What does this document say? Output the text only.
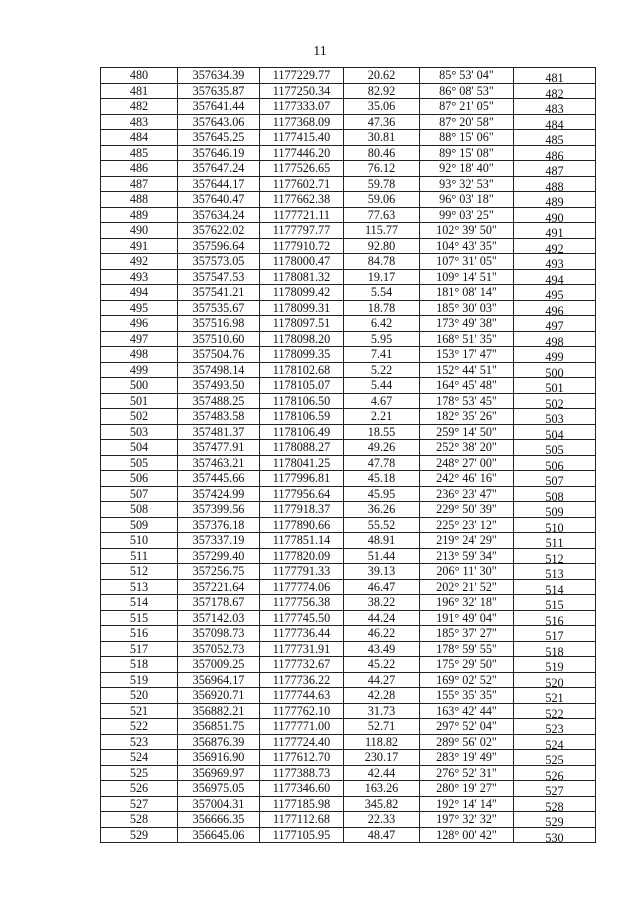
11
480	357634.39	1177229.77	20.62	85° 53' 04"	481
481	357635.87	1177250.34	82.92	86° 08' 53"	482
482	357641.44	1177333.07	35.06	87° 21' 05"	483
483	357643.06	1177368.09	47.36	87° 20' 58"	484
484	357645.25	1177415.40	30.81	88° 15' 06"	485
485	357646.19	1177446.20	80.46	89° 15' 08"	486
486	357647.24	1177526.65	76.12	92° 18' 40"	487
487	357644.17	1177602.71	59.78	93° 32' 53"	488
488	357640.47	1177662.38	59.06	96° 03' 18"	489
489	357634.24	1177721.11	77.63	99° 03' 25"	490
490	357622.02	1177797.77	115.77	102° 39' 50"	491
491	357596.64	1177910.72	92.80	104° 43' 35"	492
492	357573.05	1178000.47	84.78	107° 31' 05"	493
493	357547.53	1178081.32	19.17	109° 14' 51"	494
494	357541.21	1178099.42	5.54	181° 08' 14"	495
495	357535.67	1178099.31	18.78	185° 30' 03"	496
496	357516.98	1178097.51	6.42	173° 49' 38"	497
497	357510.60	1178098.20	5.95	168° 51' 35"	498
498	357504.76	1178099.35	7.41	153° 17' 47"	499
499	357498.14	1178102.68	5.22	152° 44' 51"	500
500	357493.50	1178105.07	5.44	164° 45' 48"	501
501	357488.25	1178106.50	4.67	178° 53' 45"	502
502	357483.58	1178106.59	2.21	182° 35' 26"	503
503	357481.37	1178106.49	18.55	259° 14' 50"	504
504	357477.91	1178088.27	49.26	252° 38' 20"	505
505	357463.21	1178041.25	47.78	248° 27' 00"	506
506	357445.66	1177996.81	45.18	242° 46' 16"	507
507	357424.99	1177956.64	45.95	236° 23' 47"	508
508	357399.56	1177918.37	36.26	229° 50' 39"	509
509	357376.18	1177890.66	55.52	225° 23' 12"	510
510	357337.19	1177851.14	48.91	219° 24' 29"	511
511	357299.40	1177820.09	51.44	213° 59' 34"	512
512	357256.75	1177791.33	39.13	206° 11' 30"	513
513	357221.64	1177774.06	46.47	202° 21' 52"	514
514	357178.67	1177756.38	38.22	196° 32' 18"	515
515	357142.03	1177745.50	44.24	191° 49' 04"	516
516	357098.73	1177736.44	46.22	185° 37' 27"	517
517	357052.73	1177731.91	43.49	178° 59' 55"	518
518	357009.25	1177732.67	45.22	175° 29' 50"	519
519	356964.17	1177736.22	44.27	169° 02' 52"	520
520	356920.71	1177744.63	42.28	155° 35' 35"	521
521	356882.21	1177762.10	31.73	163° 42' 44"	522
522	356851.75	1177771.00	52.71	297° 52' 04"	523
523	356876.39	1177724.40	118.82	289° 56' 02"	524
524	356916.90	1177612.70	230.17	283° 19' 49"	525
525	356969.97	1177388.73	42.44	276° 52' 31"	526
526	356975.05	1177346.60	163.26	280° 19' 27"	527
527	357004.31	1177185.98	345.82	192° 14' 14"	528
528	356666.35	1177112.68	22.33	197° 32' 32"	529
529	356645.06	1177105.95	48.47	128° 00' 42"	530
